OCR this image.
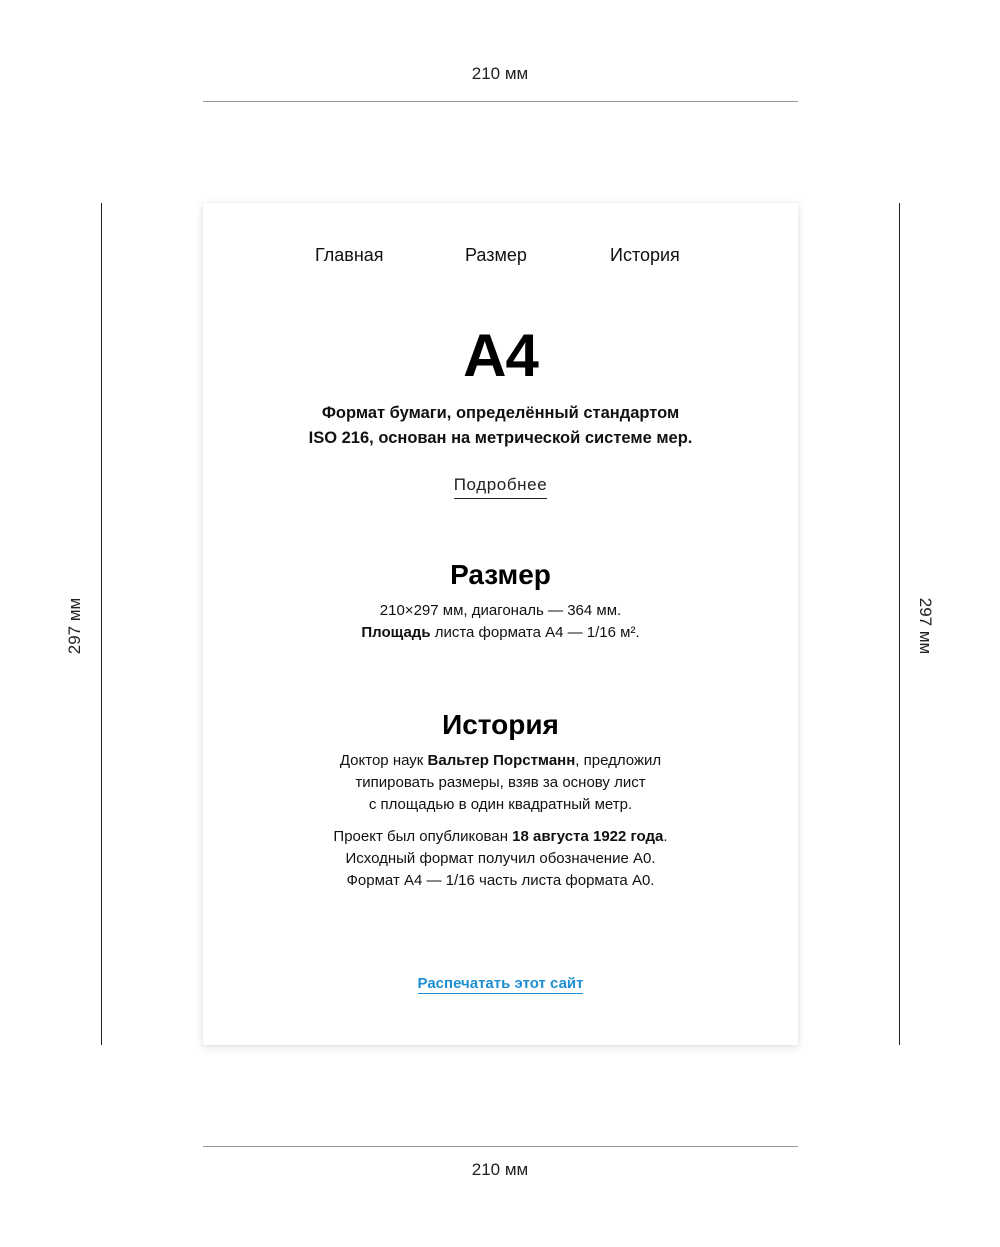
210 мм
297 мм	297 мм
210 мм
Главная	Размер	История
A4
Формат бумаги, определённый стандартом
ISO 216, основан на метрической системе мер.
Подробнее
Размер
210×297 мм, диагональ — 364 мм.
Площадь листа формата А4 — 1/16 м².
История
Доктор наук Вальтер Порстманн, предложил
типировать размеры, взяв за основу лист
с площадью в один квадратный метр.
Проект был опубликован 18 августа 1922 года.
Исходный формат получил обозначение А0.
Формат А4 — 1/16 часть листа формата А0.
Распечатать этот сайт
